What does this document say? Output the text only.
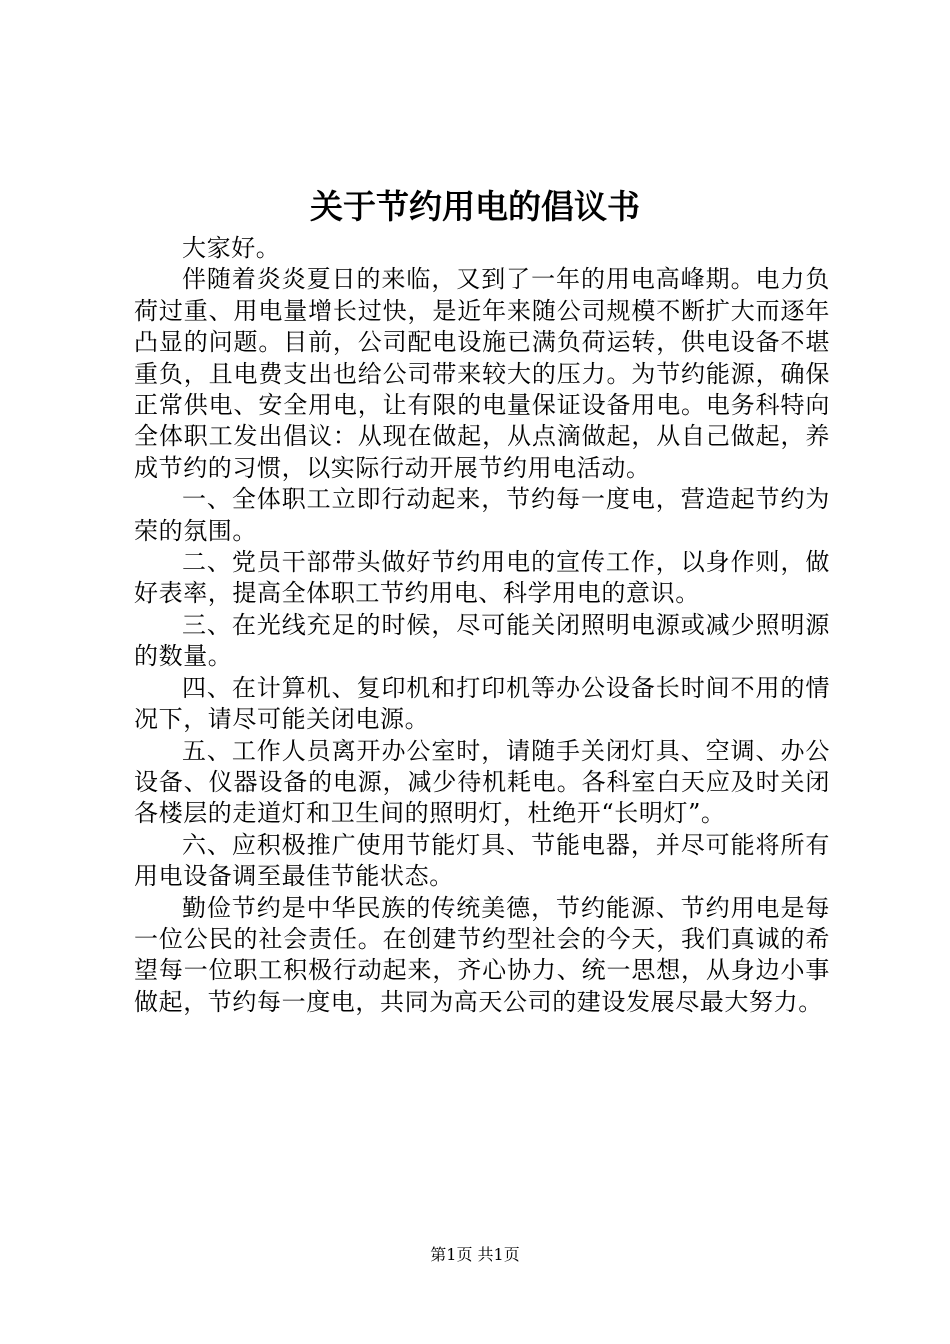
关于节约用电的倡议书

大家好。

伴随着炎炎夏日的来临，又到了一年的用电高峰期。电力负荷过重、用电量增长过快，是近年来随公司规模不断扩大而逐年凸显的问题。目前，公司配电设施已满负荷运转，供电设备不堪重负，且电费支出也给公司带来较大的压力。为节约能源，确保正常供电、安全用电，让有限的电量保证设备用电。电务科特向全体职工发出倡议：从现在做起，从点滴做起，从自己做起，养成节约的习惯，以实际行动开展节约用电活动。

一、全体职工立即行动起来，节约每一度电，营造起节约为荣的氛围。

二、党员干部带头做好节约用电的宣传工作，以身作则，做好表率，提高全体职工节约用电、科学用电的意识。

三、在光线充足的时候，尽可能关闭照明电源或减少照明源的数量。

四、在计算机、复印机和打印机等办公设备长时间不用的情况下，请尽可能关闭电源。

五、工作人员离开办公室时，请随手关闭灯具、空调、办公设备、仪器设备的电源，减少待机耗电。各科室白天应及时关闭各楼层的走道灯和卫生间的照明灯，杜绝开“长明灯”。

六、应积极推广使用节能灯具、节能电器，并尽可能将所有用电设备调至最佳节能状态。

勤俭节约是中华民族的传统美德，节约能源、节约用电是每一位公民的社会责任。在创建节约型社会的今天，我们真诚的希望每一位职工积极行动起来，齐心协力、统一思想，从身边小事做起，节约每一度电，共同为高天公司的建设发展尽最大努力。

第1页 共1页
